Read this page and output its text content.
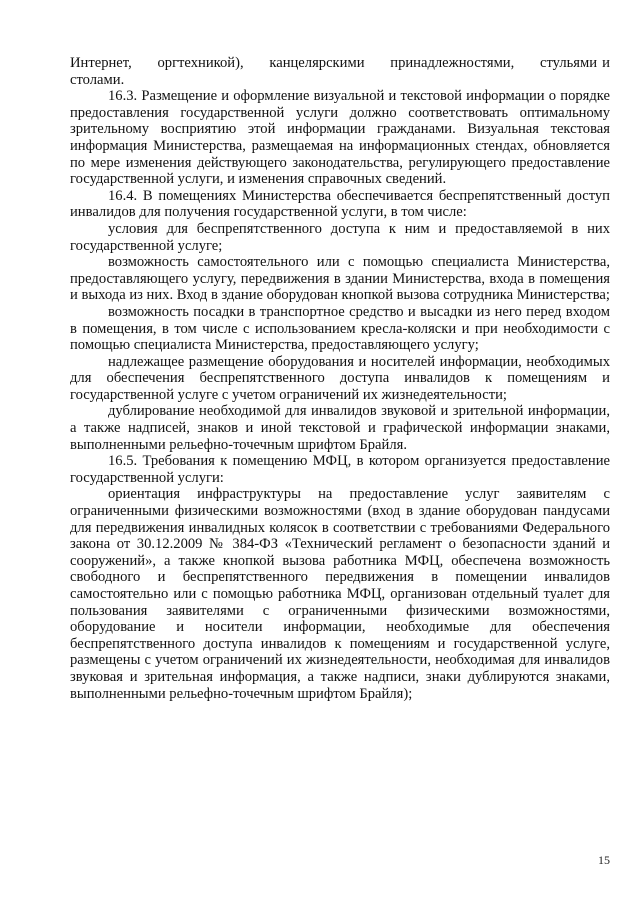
Интернет,     оргтехникой),     канцелярскими     принадлежностями,     стульями и столами.

16.3. Размещение и оформление визуальной и текстовой информации о порядке предоставления государственной услуги должно соответствовать оптимальному зрительному восприятию этой информации гражданами. Визуальная текстовая информация Министерства, размещаемая на информационных стендах, обновляется по мере изменения действующего законодательства, регулирующего предоставление государственной услуги, и изменения справочных сведений.

16.4. В помещениях Министерства обеспечивается беспрепятственный доступ инвалидов для получения государственной услуги, в том числе:

условия для беспрепятственного доступа к ним и предоставляемой в них государственной услуге;

возможность самостоятельного или с помощью специалиста Министерства, предоставляющего услугу, передвижения в здании Министерства, входа в помещения и выхода из них. Вход в здание оборудован кнопкой вызова сотрудника Министерства;

возможность посадки в транспортное средство и высадки из него перед входом в помещения, в том числе с использованием кресла-коляски и при необходимости с помощью специалиста Министерства, предоставляющего услугу;

надлежащее размещение оборудования и носителей информации, необходимых для обеспечения беспрепятственного доступа инвалидов к помещениям и государственной услуге с учетом ограничений их жизнедеятельности;

дублирование необходимой для инвалидов звуковой и зрительной информации, а также надписей, знаков и иной текстовой и графической информации знаками, выполненными рельефно-точечным шрифтом Брайля.

16.5. Требования к помещению МФЦ, в котором организуется предоставление государственной услуги:

ориентация инфраструктуры на предоставление услуг заявителям с ограниченными физическими возможностями (вход в здание оборудован пандусами для передвижения инвалидных колясок в соответствии с требованиями Федерального закона от 30.12.2009 № 384-ФЗ «Технический регламент о безопасности зданий и сооружений», а также кнопкой вызова работника МФЦ, обеспечена возможность свободного и беспрепятственного передвижения в помещении инвалидов самостоятельно или с помощью работника МФЦ, организован отдельный туалет для пользования заявителями с ограниченными физическими возможностями, оборудование и носители информации, необходимые для обеспечения беспрепятственного доступа инвалидов к помещениям и государственной услуге, размещены с учетом ограничений их жизнедеятельности, необходимая для инвалидов звуковая и зрительная информация, а также надписи, знаки дублируются знаками, выполненными рельефно-точечным шрифтом Брайля);

15
